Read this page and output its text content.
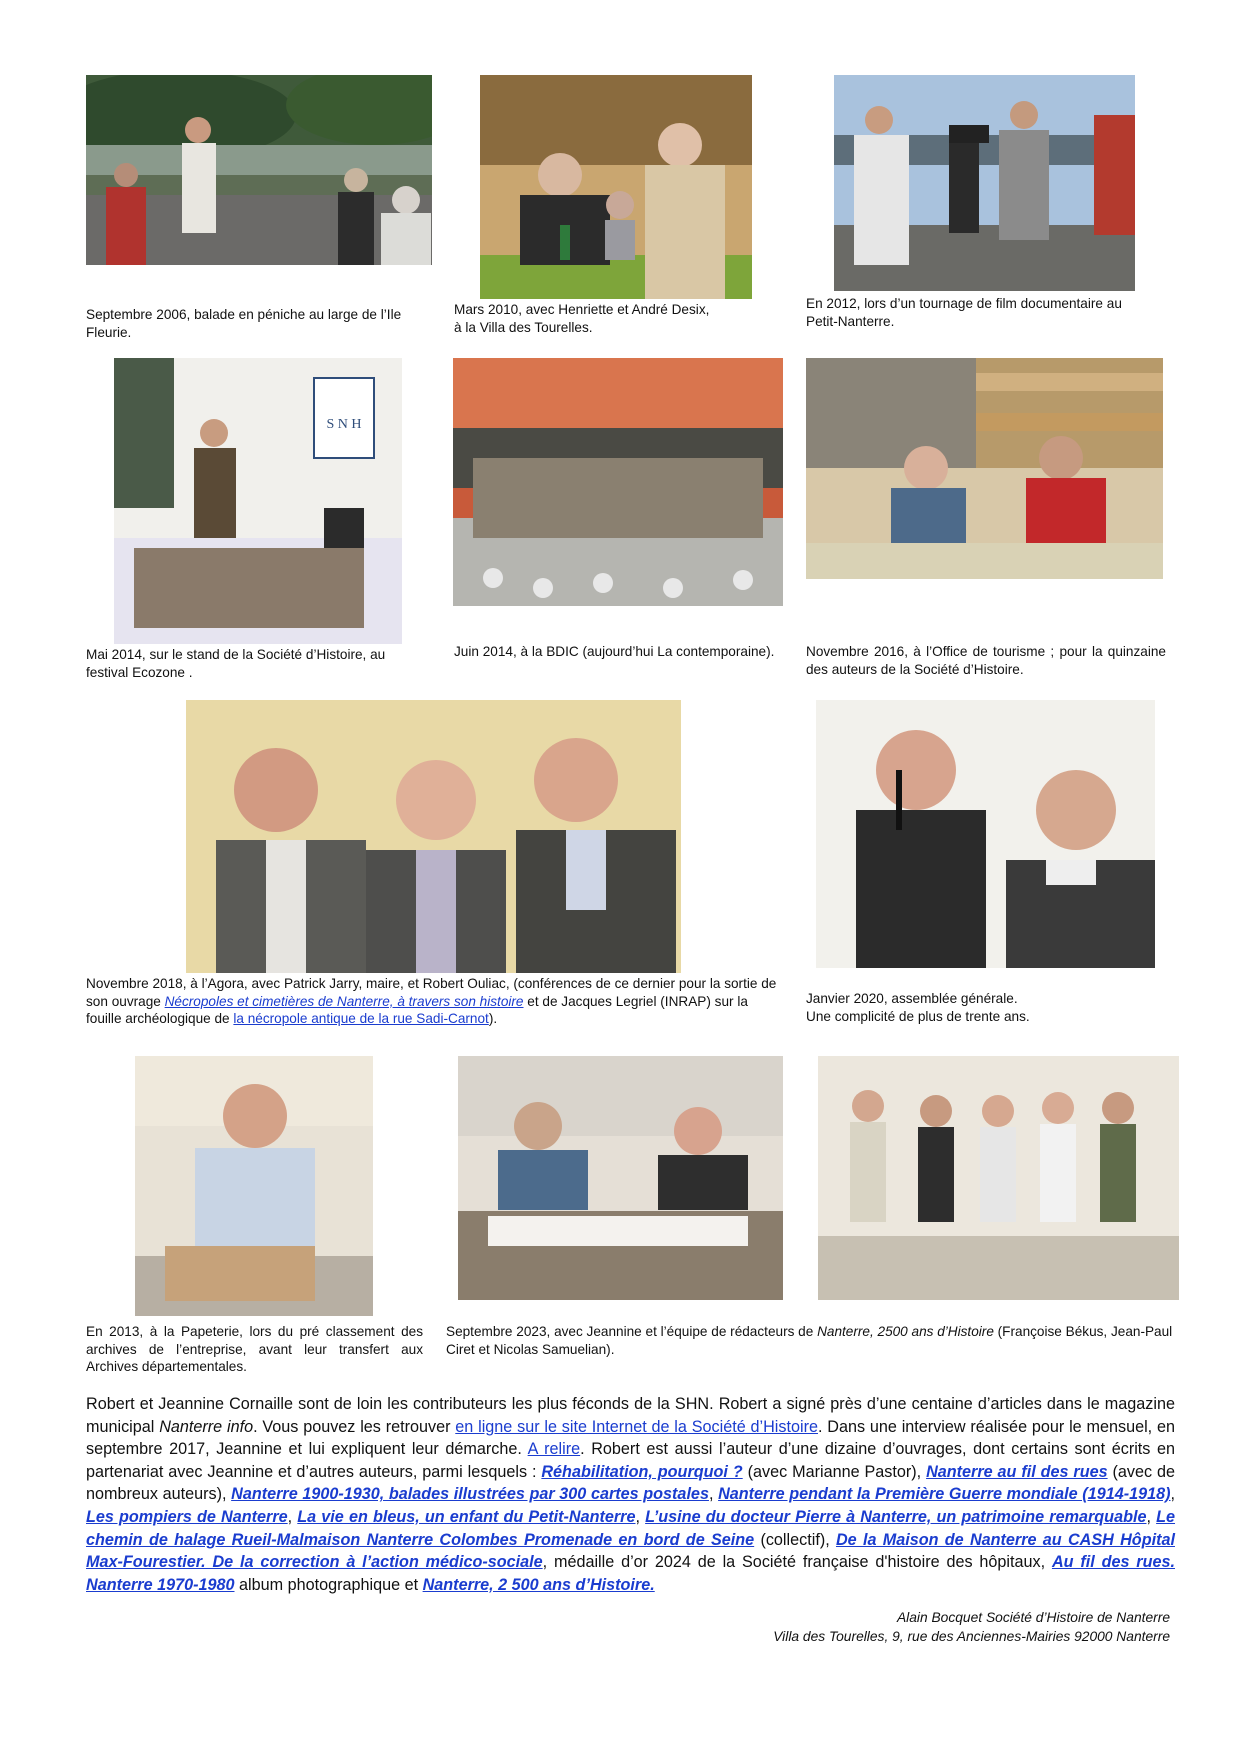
Septembre 2006, balade en péniche au large de l’Ile Fleurie.
Mars 2010, avec Henriette et André Desix,
à la Villa des Tourelles.
En 2012, lors d’un tournage de film documentaire au Petit-Nanterre.
S N H
Mai 2014, sur le stand de la Société d’Histoire, au festival Ecozone .
Juin 2014, à la BDIC (aujourd’hui La contemporaine).	Novembre 2016, à l’Office de tourisme ; pour la quinzaine des auteurs de la Société d’Histoire.
Novembre 2018, à l’Agora, avec Patrick Jarry, maire, et Robert Ouliac, (conférences de ce dernier pour la sortie de son ouvrage Nécropoles et cimetières de Nanterre, à travers son histoire et de Jacques Legriel (INRAP) sur la fouille archéologique de la nécropole antique de la rue Sadi-Carnot).
Janvier 2020, assemblée générale.
Une complicité de plus de trente ans.
En 2013, à la Papeterie, lors du pré classement des archives de l’entreprise, avant leur transfert aux Archives départementales.
Septembre 2023, avec Jeannine et l’équipe de rédacteurs de Nanterre, 2500 ans d’Histoire (Françoise Békus, Jean-Paul Ciret et Nicolas Samuelian).
Robert et Jeannine Cornaille sont de loin les contributeurs les plus féconds de la SHN. Robert a signé près d’une centaine d’articles dans le magazine municipal Nanterre info. Vous pouvez les retrouver en ligne sur le site Internet de la Société d’Histoire. Dans une interview réalisée pour le mensuel, en septembre 2017, Jeannine et lui expliquent leur démarche. A relire. Robert est aussi l’auteur d’une dizaine d’ouvrages, dont certains sont écrits en partenariat avec Jeannine et d’autres auteurs, parmi lesquels : Réhabilitation, pourquoi ? (avec Marianne Pastor), Nanterre au fil des rues (avec de nombreux auteurs), Nanterre 1900-1930, balades illustrées par 300 cartes postales, Nanterre pendant la Première Guerre mondiale (1914-1918), Les pompiers de Nanterre, La vie en bleus, un enfant du Petit-Nanterre, L’usine du docteur Pierre à Nanterre, un patrimoine remarquable, Le chemin de halage Rueil-Malmaison Nanterre Colombes Promenade en bord de Seine (collectif), De la Maison de Nanterre au CASH Hôpital Max-Fourestier. De la correction à l’action médico-sociale, médaille d’or 2024 de la Société française d'histoire des hôpitaux, Au fil des rues. Nanterre 1970-1980 album photographique et Nanterre, 2 500 ans d’Histoire.
Alain Bocquet Société d’Histoire de Nanterre
Villa des Tourelles, 9, rue des Anciennes-Mairies 92000 Nanterre
